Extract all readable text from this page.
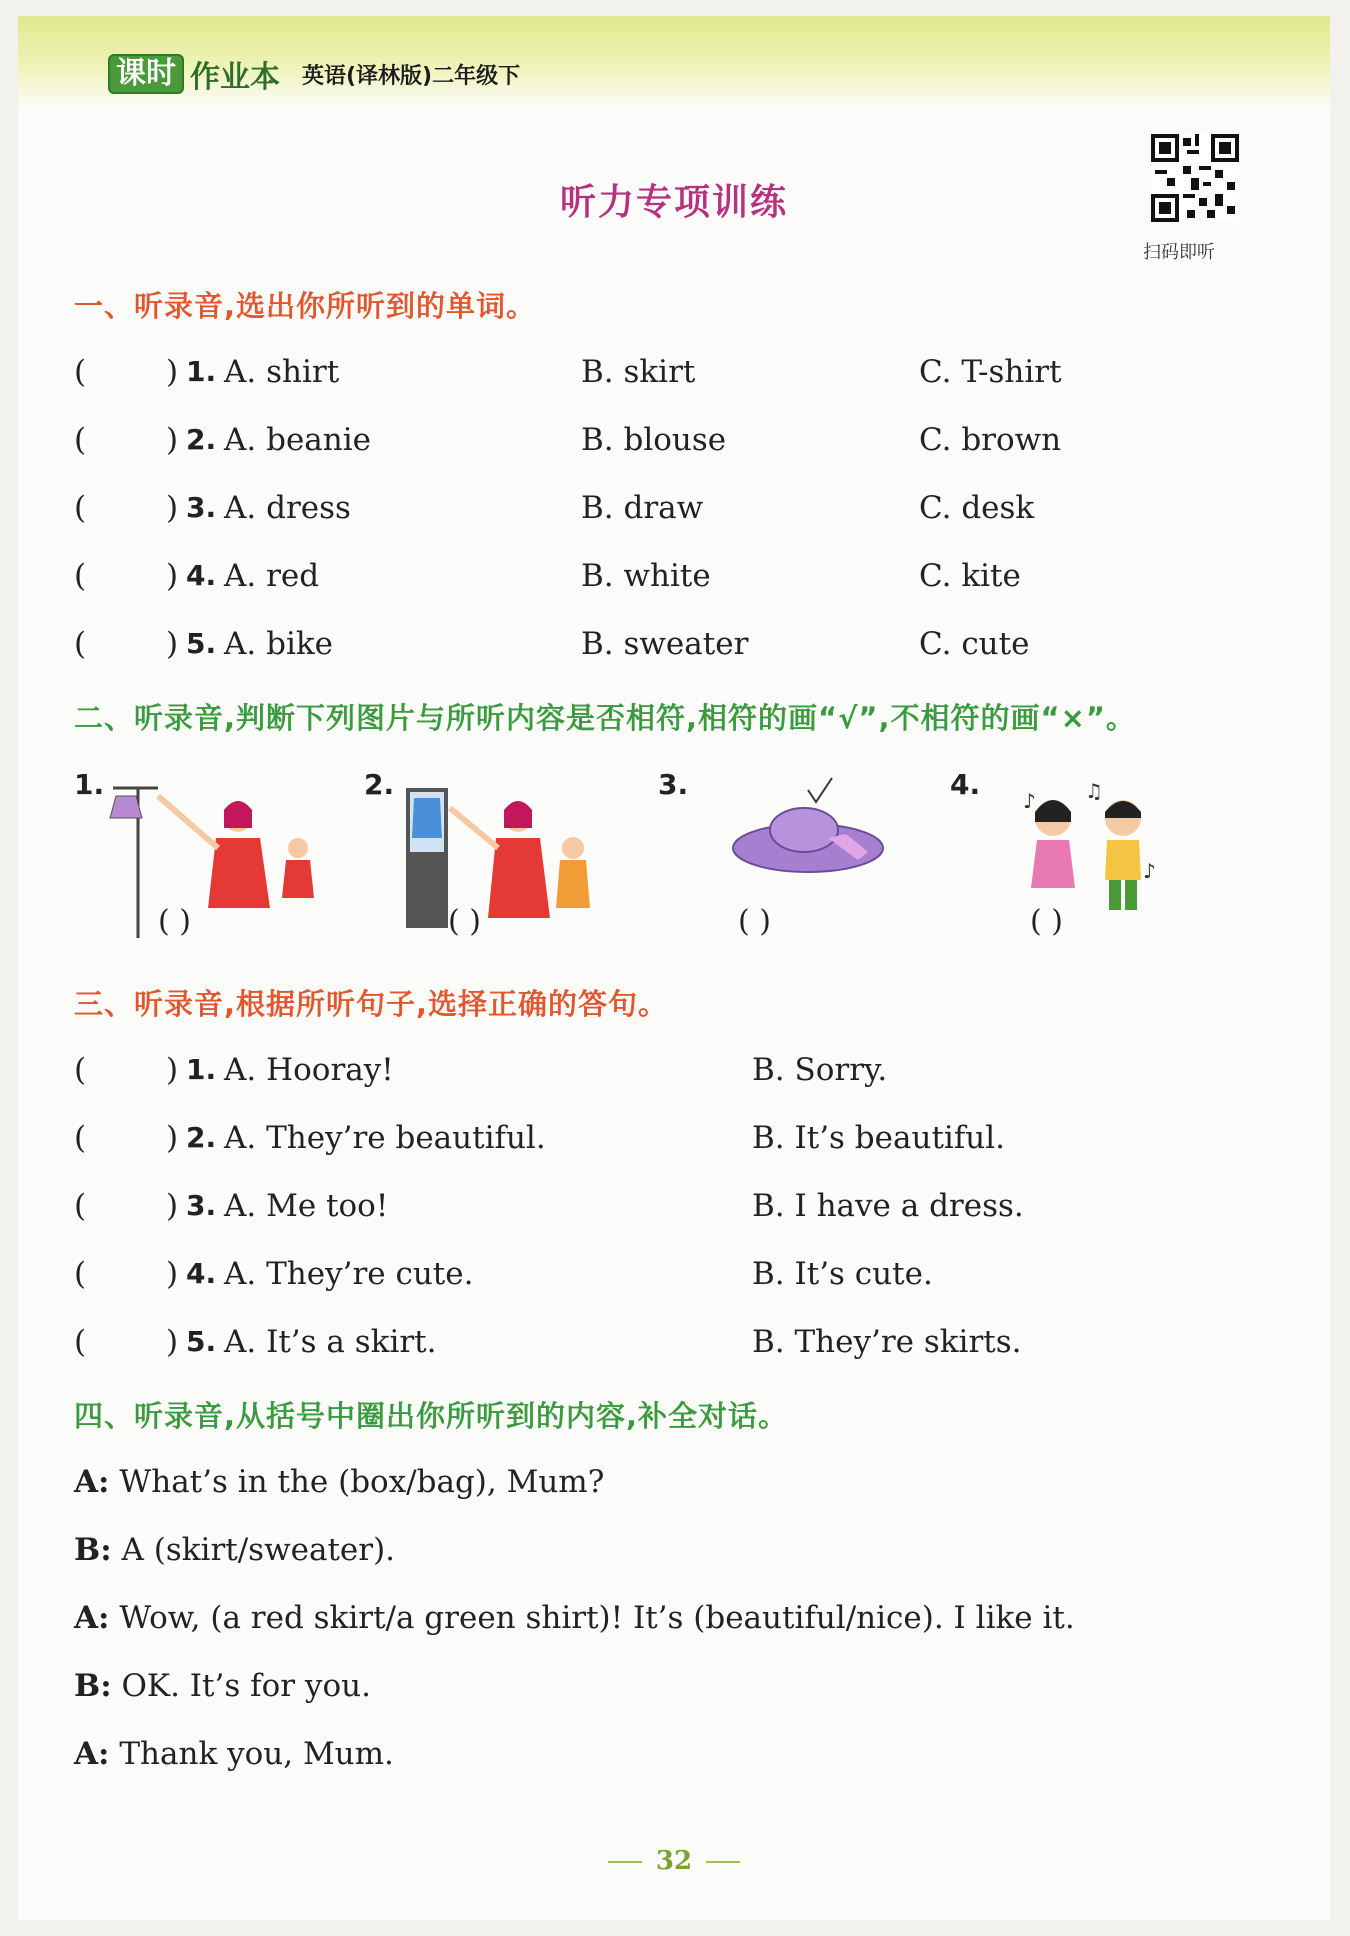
课时 作业本 英语(译林版)二年级下
听力专项训练
扫码即听
一、听录音,选出你所听到的单词。
(	) 1. A. shirt	B. skirt	C. T-shirt
(	) 2. A. beanie	B. blouse	C. brown
(	) 3. A. dress	B. draw	C. desk
(	) 4. A. red	B. white	C. kite
(	) 5. A. bike	B. sweater	C. cute
二、听录音,判断下列图片与所听内容是否相符,相符的画“√”,不相符的画“×”。
1.
( )
2.
( )
3.
( )
4. ♪ ♫
♪
( )
三、听录音,根据所听句子,选择正确的答句。
(	) 1. A. Hooray!	B. Sorry.
(	) 2. A. They’re beautiful.	B. It’s beautiful.
(	) 3. A. Me too!	B. I have a dress.
(	) 4. A. They’re cute.	B. It’s cute.
(	) 5. A. It’s a skirt.	B. They’re skirts.
四、听录音,从括号中圈出你所听到的内容,补全对话。
A: What’s in the (box/bag), Mum?
B: A (skirt/sweater).
A: Wow, (a red skirt/a green shirt)! It’s (beautiful/nice). I like it.
B: OK. It’s for you.
A: Thank you, Mum.
32
